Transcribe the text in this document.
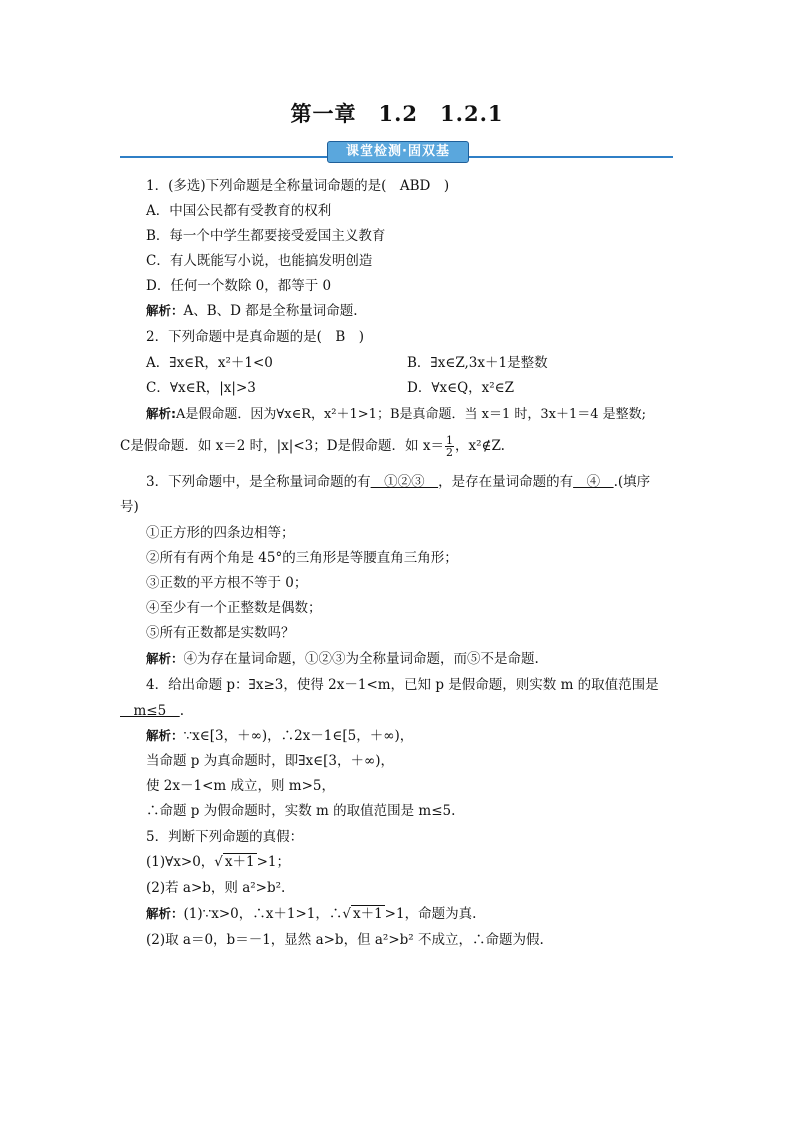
第一章　1.2　1.2.1
课堂检测·固双基
1．(多选)下列命题是全称量词命题的是(　ABD　)
A．中国公民都有受教育的权利
B．每一个中学生都要接受爱国主义教育
C．有人既能写小说，也能搞发明创造
D．任何一个数除 0，都等于 0
解析：A、B、D 都是全称量词命题.
2．下列命题中是真命题的是(　B　)
A．∃x∈R，x²＋1<0	B．∃x∈Z,3x＋1是整数
C．∀x∈R，|x|>3	D．∀x∈Q，x²∈Z
解析:A是假命题．因为∀x∈R，x²＋1>1；B是真命题．当 x＝1 时，3x＋1＝4 是整数;
C是假命题．如 x＝2 时，|x|<3；D是假命题．如 $x= \frac{1}{2}$ ，x²∉Z.
3．下列命题中，是全称量词命题的有　①②③　，是存在量词命题的有　④　.(填序
号)
①正方形的四条边相等；
②所有有两个角是 45°的三角形是等腰直角三角形；
③正数的平方根不等于 0；
④至少有一个正整数是偶数；
⑤所有正数都是实数吗？
解析：④为存在量词命题，①②③为全称量词命题，而⑤不是命题.
4．给出命题 p：∃x≥3，使得 2x－1<m，已知 p 是假命题，则实数 m 的取值范围是
　m≤5　.
解析：∵x∈[3，＋∞)，∴2x－1∈[5，＋∞)，
当命题 p 为真命题时，即∃x∈[3，＋∞)，
使 2x－1<m 成立，则 m>5，
∴命题 p 为假命题时，实数 m 的取值范围是 m≤5.
5．判断下列命题的真假：
(1)∀x>0，√ x＋1 >1；
(2)若 a>b，则 a²>b².
解析：(1)∵x>0，∴x＋1>1，∴√ x＋1 >1，命题为真.
(2)取 a＝0，b＝－1，显然 a>b，但 a²>b² 不成立，∴命题为假.
